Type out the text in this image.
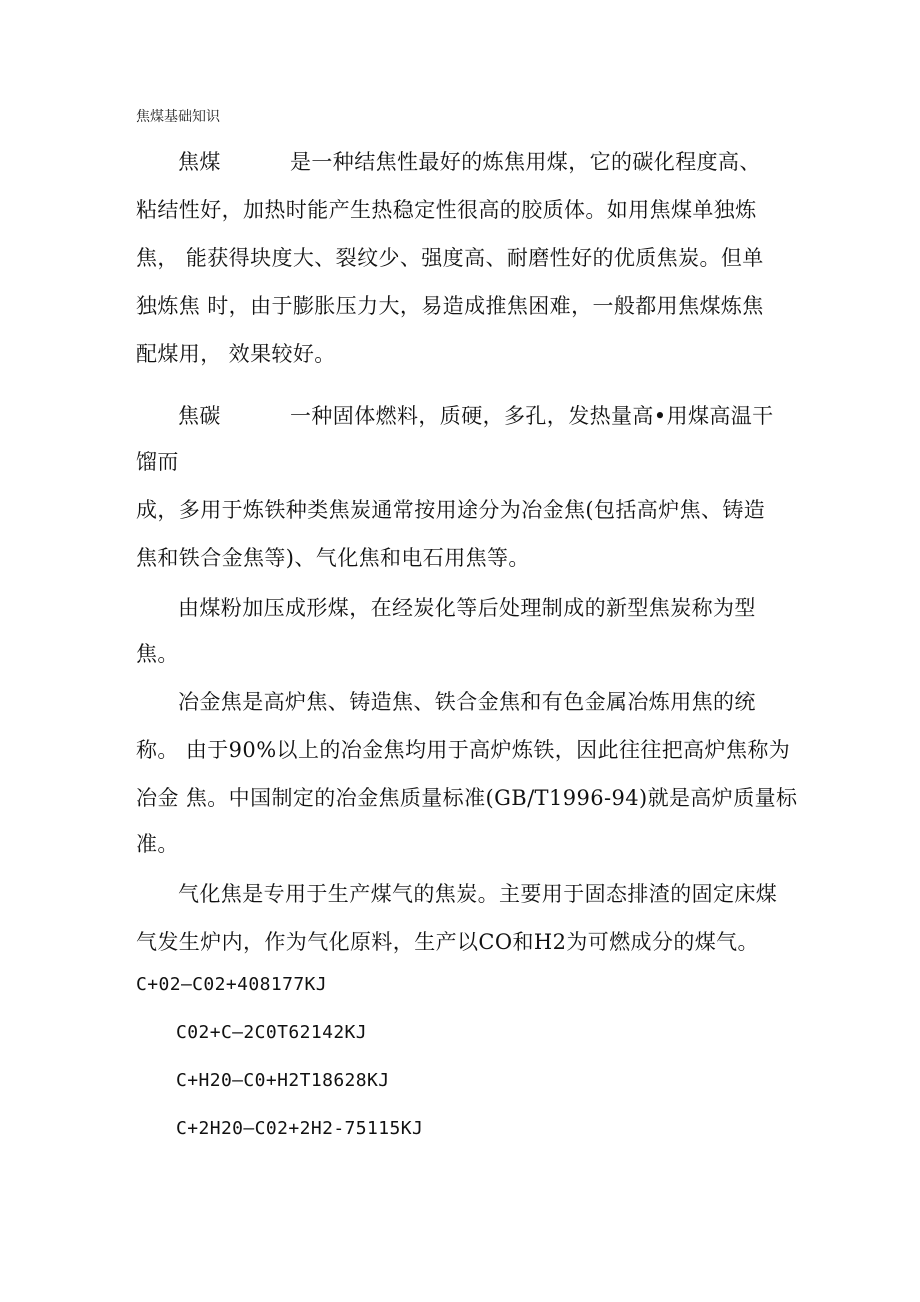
焦煤基础知识
焦煤	是一种结焦性最好的炼焦用煤，它的碳化程度高、
粘结性好，加热时能产生热稳定性很高的胶质体。如用焦煤单独炼
焦， 能获得块度大、裂纹少、强度高、耐磨性好的优质焦炭。但单
独炼焦 时，由于膨胀压力大，易造成推焦困难，一般都用焦煤炼焦
配煤用， 效果较好。
焦碳	一种固体燃料，质硬，多孔，发热量高•用煤高温干
馏而
成，多用于炼铁种类焦炭通常按用途分为冶金焦(包括高炉焦、铸造
焦和铁合金焦等)、气化焦和电石用焦等。
由煤粉加压成形煤，在经炭化等后处理制成的新型焦炭称为型
焦。
冶金焦是高炉焦、铸造焦、铁合金焦和有色金属冶炼用焦的统
称。 由于90%以上的冶金焦均用于高炉炼铁，因此往往把高炉焦称为
冶金 焦。中国制定的冶金焦质量标准(GB/T1996-94)就是高炉质量标
准。
气化焦是专用于生产煤气的焦炭。主要用于固态排渣的固定床煤
气发生炉内，作为气化原料，生产以CO和H2为可燃成分的煤气。
C+02—C02+408177KJ
C02+C—2C0T62142KJ
C+H20—C0+H2T18628KJ
C+2H20—C02+2H2-75115KJ
